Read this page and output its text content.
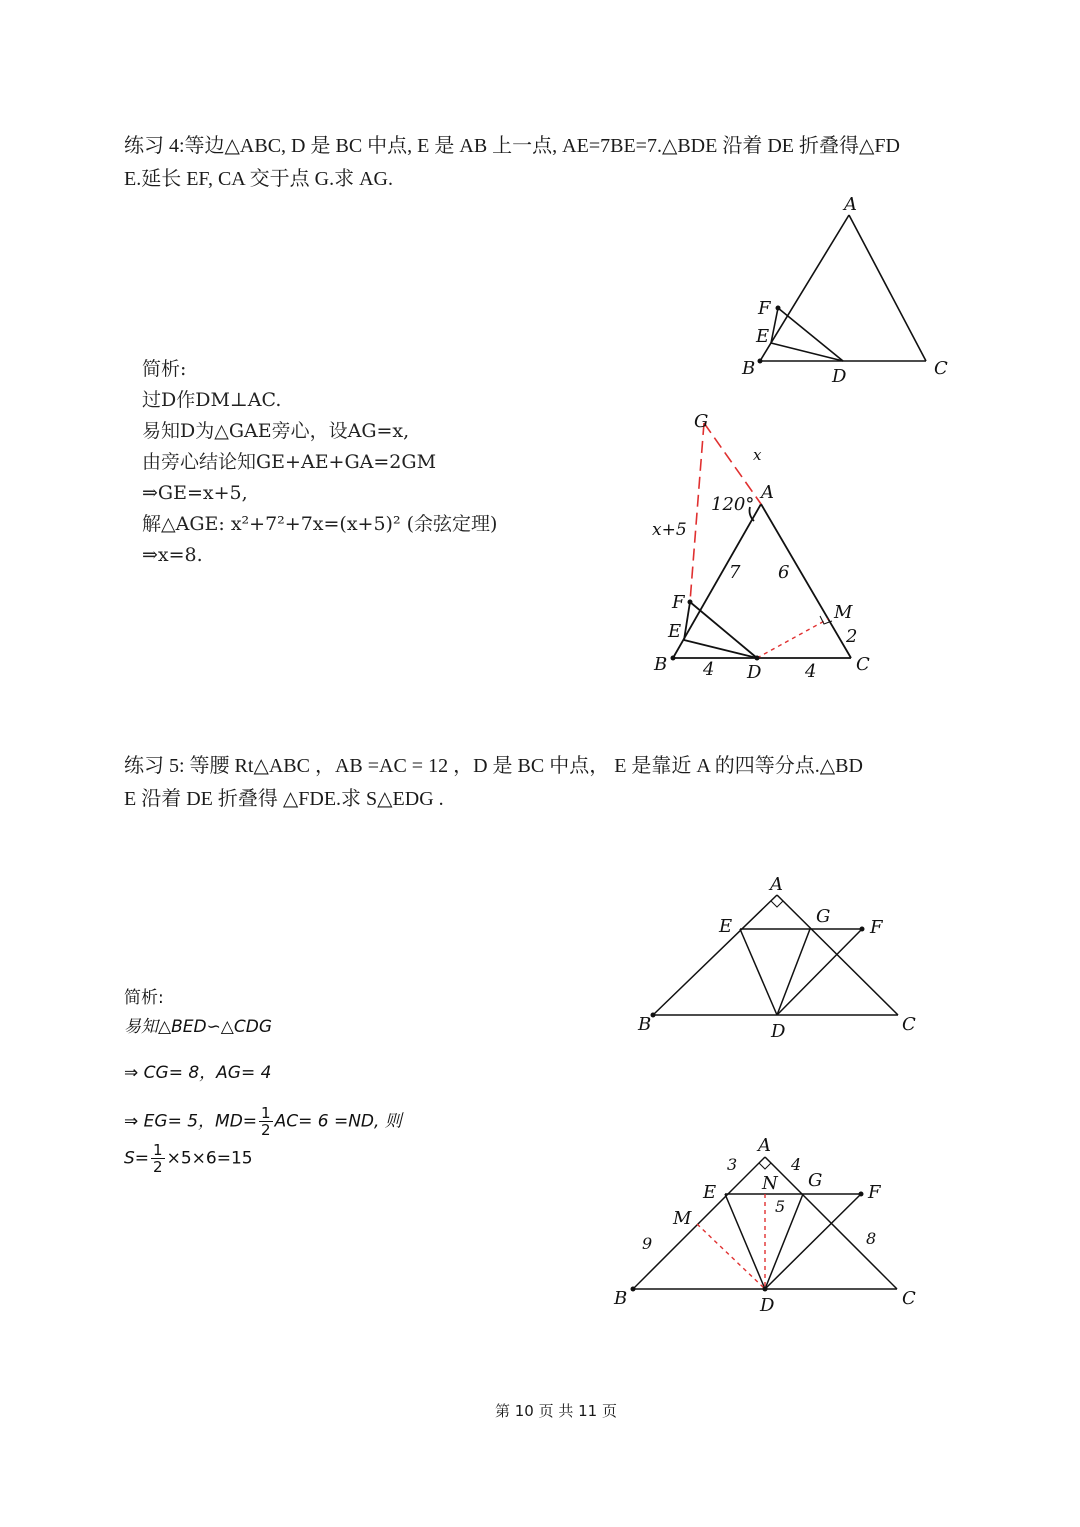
练习 4:等边△ABC, D 是 BC 中点, E 是 AB 上一点, AE=7BE=7.△BDE 沿着 DE 折叠得△FD
E.延长 EF, CA 交于点 G.求 AG.
简析:
过D作DM⊥AC.
易知D为△GAE旁心，设AG=x,
由旁心结论知GE+AE+GA=2GM
⇒GE=x+5,
解△AGE: x²+7²+7x=(x+5)² (余弦定理)
⇒x=8.
A
F
E
B	D	C
G
x
120°
A
x+5
7 6
F	M
E	2
B 4 D 4 C
练习 5: 等腰 Rt△ABC ，AB =AC = 12 ，D 是 BC 中点， E 是靠近 A 的四等分点.△BD
E 沿着 DE 折叠得 △FDE.求 S△EDG .
简析:
易知△BED∽△CDG
⇒ CG= 8，AG= 4
⇒ EG= 5，$MD= \frac{1}{2} AC= 6 =ND$, 则
$S= \frac{1}{2} \times 5\times 6=15$
A
E	G
F
B	D	C
A
3	4
E	N G
F
M
5
9	8
B	D	C
第 10 页 共 11 页
